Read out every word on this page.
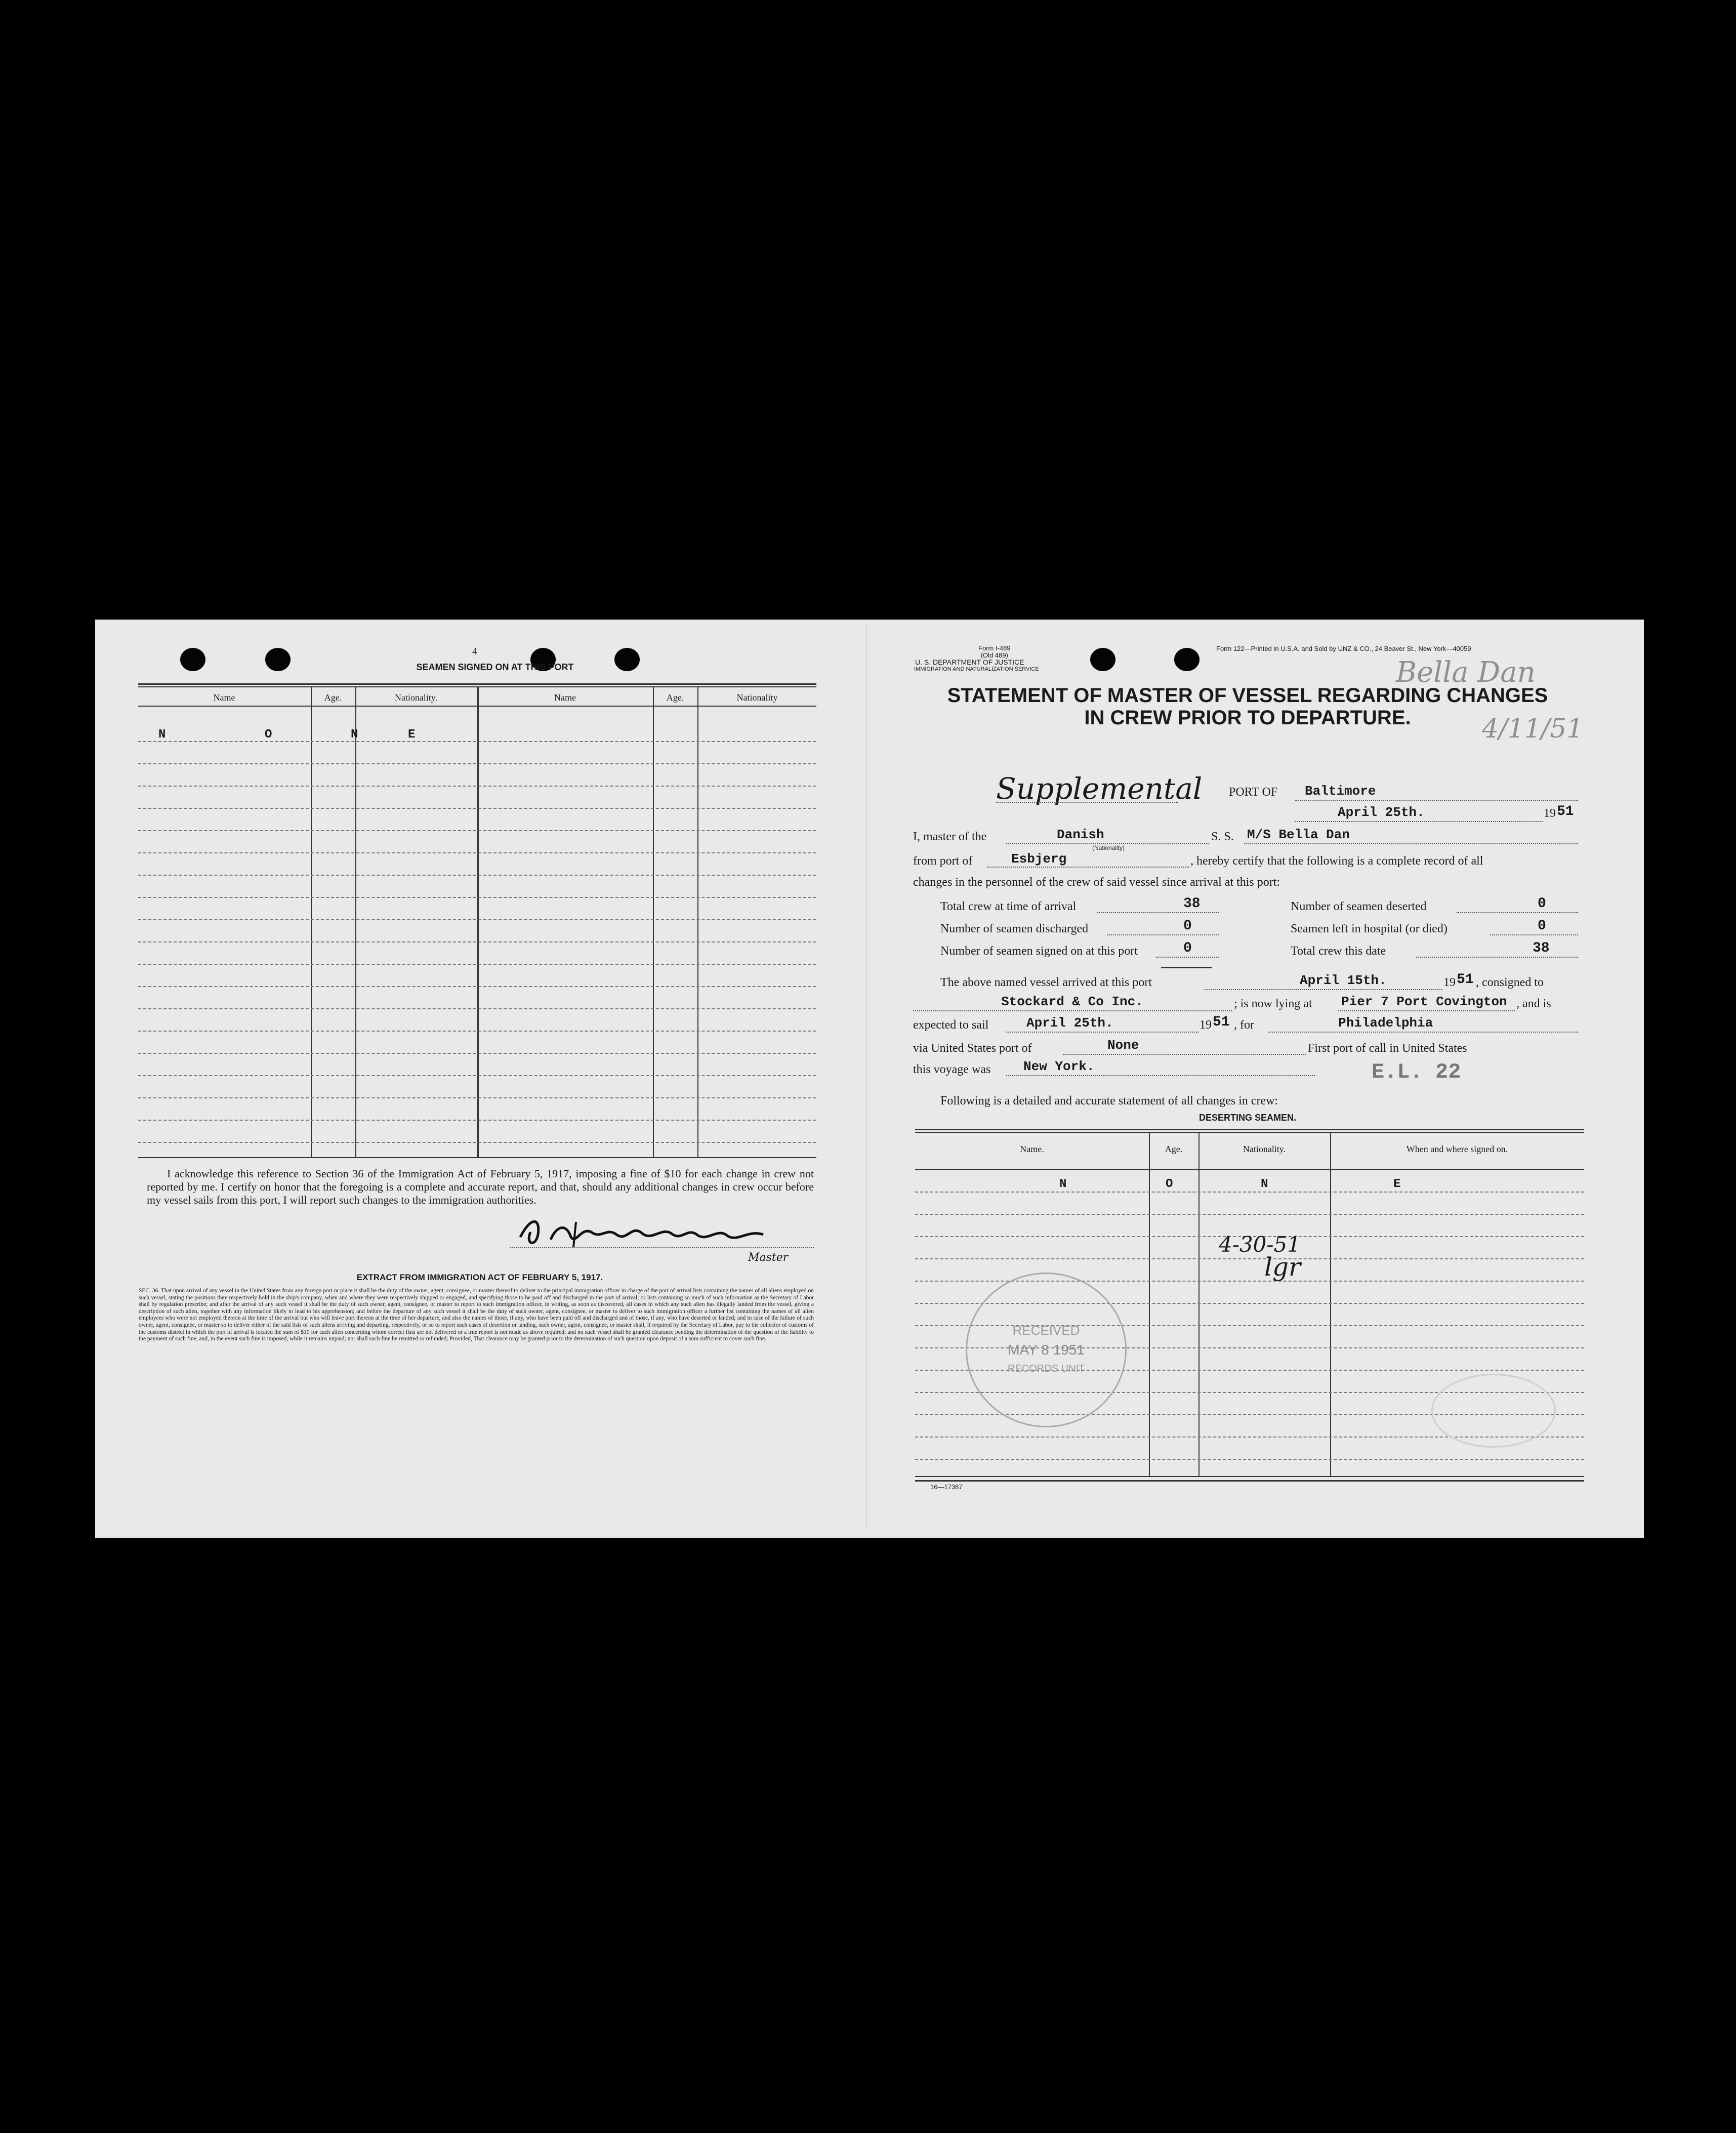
4
SEAMEN SIGNED ON AT THIS PORT
Name	Age.	Nationality.	Name	Age.	Nationality
N	O	N	E
I acknowledge this reference to Section 36 of the Immigration Act of February 5, 1917, imposing a fine of $10 for each change in crew not reported by me. I certify on honor that the foregoing is a complete and accurate report, and that, should any additional changes in crew occur before my vessel sails from this port, I will report such changes to the immigration authorities.
Master
EXTRACT FROM IMMIGRATION ACT OF FEBRUARY 5, 1917.
SEC. 36. That upon arrival of any vessel in the United States from any foreign port or place it shall be the duty of the owner, agent, consignee, or master thereof to deliver to the principal immigration officer in charge of the port of arrival lists containing the names of all aliens employed on such vessel, stating the positions they respectively hold in the ship's company, when and where they were respectively shipped or engaged, and specifying those to be paid off and discharged in the port of arrival; or lists containing so much of such information as the Secretary of Labor shall by regulation prescribe; and after the arrival of any such vessel it shall be the duty of such owner, agent, consignee, or master to report to such immigration officer, in writing, as soon as discovered, all cases in which any such alien has illegally landed from the vessel, giving a description of such alien, together with any information likely to lead to his apprehension; and before the departure of any such vessel it shall be the duty of such owner, agent, consignee, or master to deliver to such immigration officer a further list containing the names of all alien employees who were not employed thereon at the time of the arrival but who will leave port thereon at the time of her departure, and also the names of those, if any, who have been paid off and discharged and of those, if any, who have deserted or landed; and in case of the failure of such owner, agent, consignee, or master so to deliver either of the said lists of such aliens arriving and departing, respectively, or so to report such cases of desertion or landing, such owner, agent, consignee, or master shall, if required by the Secretary of Labor, pay to the collector of customs of the customs district in which the port of arrival is located the sum of $10 for each alien concerning whom correct lists are not delivered or a true report is not made as above required; and no such vessel shall be granted clearance pending the determination of the question of the liability to the payment of such fine, and, in the event such fine is imposed, while it remains unpaid; nor shall such fine be remitted or refunded; Provided, That clearance may be granted prior to the determination of such question upon deposit of a sum sufficient to cover such fine.
Form I-489
(Old 489)
U. S. DEPARTMENT OF JUSTICE
IMMIGRATION AND NATURALIZATION SERVICE
Form 122—Printed in U.S.A. and Sold by UNZ & CO., 24 Beaver St., New York—40059
Bella Dan
4/11/51
STATEMENT OF MASTER OF VESSEL REGARDING CHANGES
IN CREW PRIOR TO DEPARTURE.
Supplemental PORT OF Baltimore
April 25th.	19 51
I, master of the	Danish
(Nationality)
S. S. M/S Bella Dan
from port of	Esbjerg	, hereby certify that the following is a complete record of all
changes in the personnel of the crew of said vessel since arrival at this port:
Total crew at time of arrival	38	Number of seamen deserted	0
Number of seamen discharged	0	Seamen left in hospital (or died)	0
Number of seamen signed on at this port	0	Total crew this date	38
The above named vessel arrived at this port	April 15th.	19 51 , consigned to
Stockard & Co Inc.	; is now lying at Pier 7 Port Covington , and is
expected to sail	April 25th.	19 51 , for	Philadelphia
via United States port of	None	First port of call in United States
this voyage was New York.	E.L. 22
Following is a detailed and accurate statement of all changes in crew:
DESERTING SEAMEN.
Name.	Age.	Nationality.	When and where signed on.
N	O	N	E
4-30-51
lgr
RECEIVED
MAY 8 1951
RECORDS UNIT
16—17387
